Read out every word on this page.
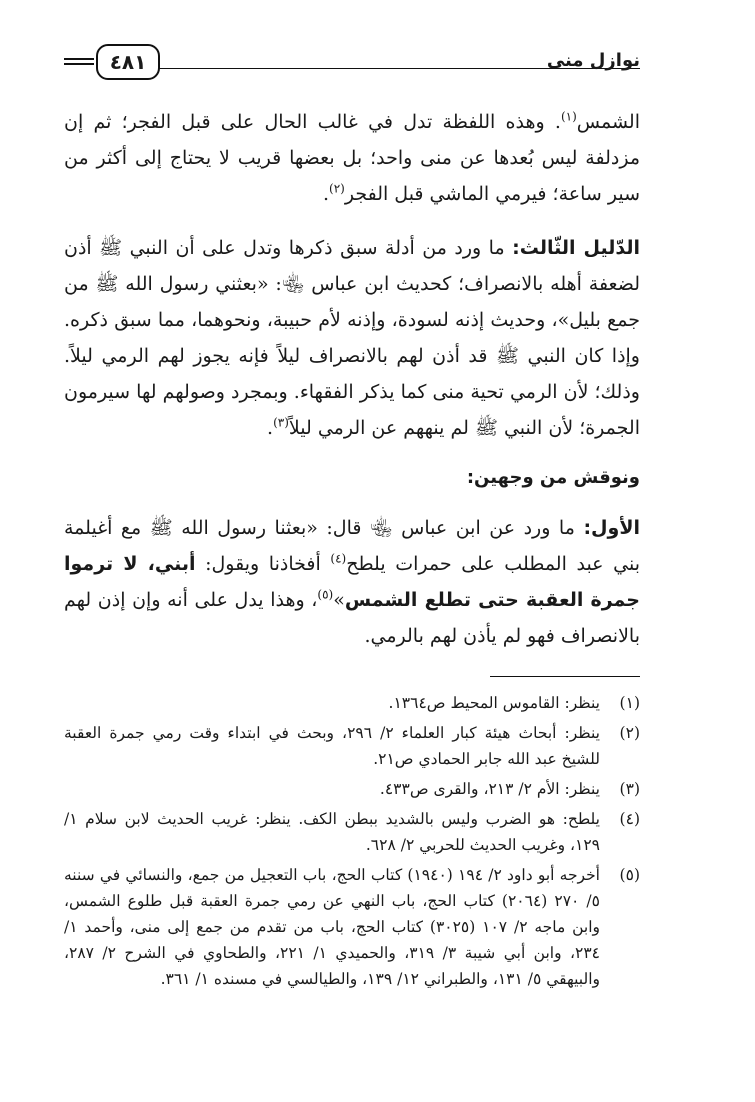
٤٨١	نوازل منى

الشمس$^{(١)}$. وهذه اللفظة تدل في غالب الحال على قبل الفجر؛ ثم إن مزدلفة ليس بُعدها عن منى واحد؛ بل بعضها قريب لا يحتاج إلى أكثر من سير ساعة؛ فيرمي الماشي قبل الفجر$^{(٢)}$.

الدّليل الثّالث: ما ورد من أدلة سبق ذكرها وتدل على أن النبي ﷺ أذن لضعفة أهله بالانصراف؛ كحديث ابن عباس ﵄: «بعثني رسول الله ﷺ من جمع بليل»، وحديث إذنه لسودة، وإذنه لأم حبيبة، ونحوهما، مما سبق ذكره. وإذا كان النبي ﷺ قد أذن لهم بالانصراف ليلاً فإنه يجوز لهم الرمي ليلاً. وذلك؛ لأن الرمي تحية منى كما يذكر الفقهاء. وبمجرد وصولهم لها سيرمون الجمرة؛ لأن النبي ﷺ لم ينههم عن الرمي ليلاً$^{(٣)}$.

ونوقش من وجهين:

الأول: ما ورد عن ابن عباس ﵄ قال: «بعثنا رسول الله ﷺ مع أغيلمة بني عبد المطلب على حمرات يلطح$^{(٤)}$ أفخاذنا ويقول: أبني، لا ترموا جمرة العقبة حتى تطلع الشمس»$^{(٥)}$، وهذا يدل على أنه وإن إذن لهم بالانصراف فهو لم يأذن لهم بالرمي.

(١)
ينظر: القاموس المحيط ص١٣٦٤.
(٢)
ينظر: أبحاث هيئة كبار العلماء ٢/ ٢٩٦، وبحث في ابتداء وقت رمي جمرة العقبة للشيخ عبد الله جابر الحمادي ص٢١.
(٣)
ينظر: الأم ٢/ ٢١٣، والقرى ص٤٣٣.
(٤)
يلطح: هو الضرب وليس بالشديد ببطن الكف. ينظر: غريب الحديث لابن سلام ١/ ١٢٩، وغريب الحديث للحربي ٢/ ٦٢٨.
(٥)
أخرجه أبو داود ٢/ ١٩٤ (١٩٤٠) كتاب الحج، باب التعجيل من جمع، والنسائي في سننه ٥/ ٢٧٠ (٢٠٦٤) كتاب الحج، باب النهي عن رمي جمرة العقبة قبل طلوع الشمس، وابن ماجه ٢/ ١٠٧ (٣٠٢٥) كتاب الحج، باب من تقدم من جمع إلى منى، وأحمد ١/ ٢٣٤، وابن أبي شيبة ٣/ ٣١٩، والحميدي ١/ ٢٢١، والطحاوي في الشرح ٢/ ٢٨٧، والبيهقي ٥/ ١٣١، والطبراني ١٢/ ١٣٩، والطيالسي في مسنده ١/ ٣٦١.
